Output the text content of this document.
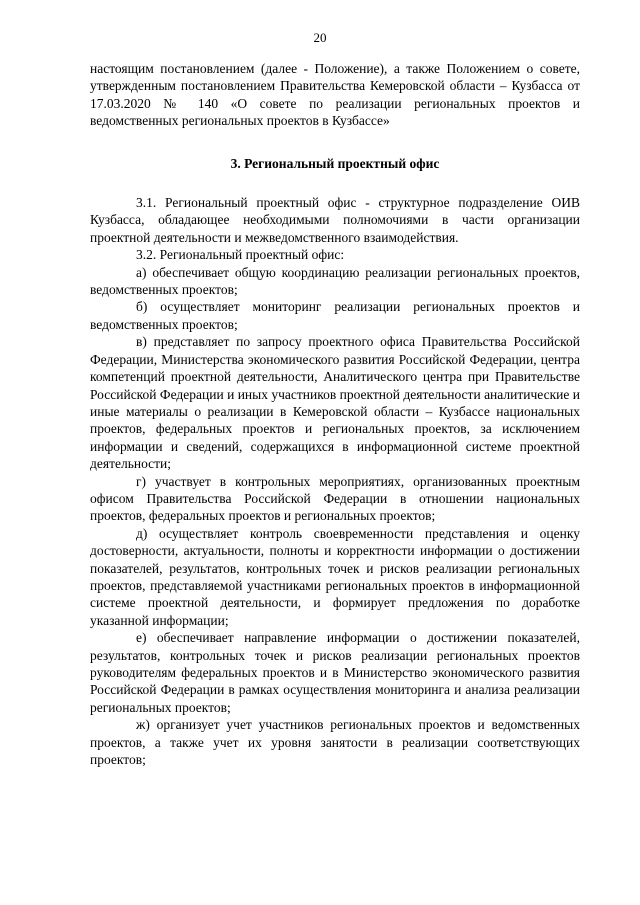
20

настоящим постановлением (далее - Положение), а также Положением о совете, утвержденным постановлением Правительства Кемеровской области – Кузбасса от 17.03.2020 № 140 «О совете по реализации региональных проектов и ведомственных региональных проектов в Кузбассе»

3. Региональный проектный офис

3.1. Региональный проектный офис - структурное подразделение ОИВ Кузбасса, обладающее необходимыми полномочиями в части организации проектной деятельности и межведомственного взаимодействия.

3.2. Региональный проектный офис:

а) обеспечивает общую координацию реализации региональных проектов, ведомственных проектов;

б) осуществляет мониторинг реализации региональных проектов и ведомственных проектов;

в) представляет по запросу проектного офиса Правительства Российской Федерации, Министерства экономического развития Российской Федерации, центра компетенций проектной деятельности, Аналитического центра при Правительстве Российской Федерации и иных участников проектной деятельности аналитические и иные материалы о реализации в Кемеровской области – Кузбассе национальных проектов, федеральных проектов и региональных проектов, за исключением информации и сведений, содержащихся в информационной системе проектной деятельности;

г) участвует в контрольных мероприятиях, организованных проектным офисом Правительства Российской Федерации в отношении национальных проектов, федеральных проектов и региональных проектов;

д) осуществляет контроль своевременности представления и оценку достоверности, актуальности, полноты и корректности информации о достижении показателей, результатов, контрольных точек и рисков реализации региональных проектов, представляемой участниками региональных проектов в информационной системе проектной деятельности, и формирует предложения по доработке указанной информации;

е) обеспечивает направление информации о достижении показателей, результатов, контрольных точек и рисков реализации региональных проектов руководителям федеральных проектов и в Министерство экономического развития Российской Федерации в рамках осуществления мониторинга и анализа реализации региональных проектов;

ж) организует учет участников региональных проектов и ведомственных проектов, а также учет их уровня занятости в реализации соответствующих проектов;
